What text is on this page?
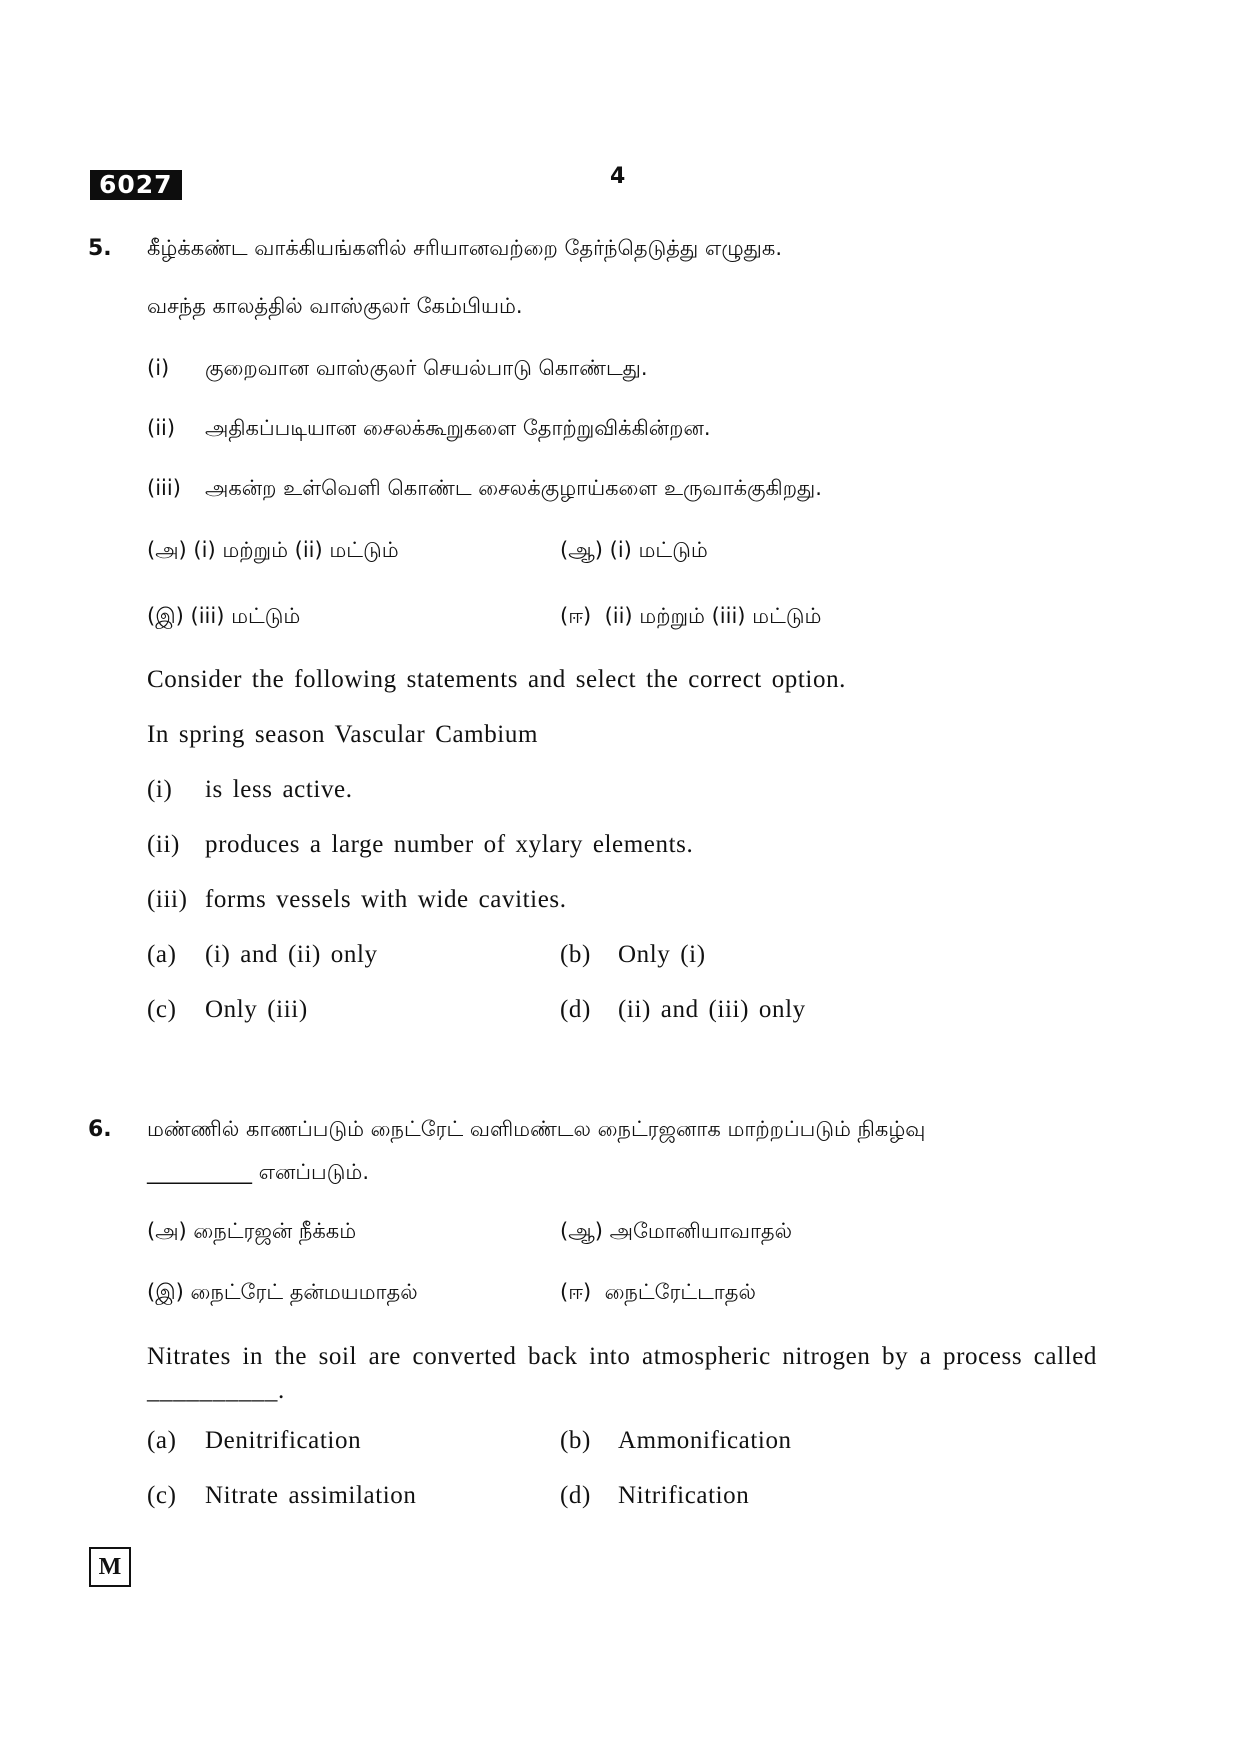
6027	4
5. கீழ்க்கண்ட வாக்கியங்களில் சரியானவற்றை தேர்ந்தெடுத்து எழுதுக.
வசந்த காலத்தில் வாஸ்குலர் கேம்பியம்.
(i) குறைவான வாஸ்குலர் செயல்பாடு கொண்டது.
(ii) அதிகப்படியான சைலக்கூறுகளை தோற்றுவிக்கின்றன.
(iii) அகன்ற உள்வெளி கொண்ட சைலக்குழாய்களை உருவாக்குகிறது.
(அ) (i) மற்றும் (ii) மட்டும்	(ஆ) (i) மட்டும்
(இ) (iii) மட்டும்	(ஈ) (ii) மற்றும் (iii) மட்டும்
Consider the following statements and select the correct option.
In spring season Vascular Cambium
(i) is less active.
(ii) produces a large number of xylary elements.
(iii) forms vessels with wide cavities.
(a) (i) and (ii) only	(b) Only (i)
(c) Only (iii)	(d) (ii) and (iii) only
6. மண்ணில் காணப்படும் நைட்ரேட் வளிமண்டல நைட்ரஜனாக மாற்றப்படும் நிகழ்வு
__________ எனப்படும்.
(அ) நைட்ரஜன் நீக்கம்	(ஆ) அமோனியாவாதல்
(இ) நைட்ரேட் தன்மயமாதல்	(ஈ) நைட்ரேட்டாதல்
Nitrates in the soil are converted back into atmospheric nitrogen by a process called __________.
(a) Denitrification	(b) Ammonification
(c) Nitrate assimilation	(d) Nitrification
M
